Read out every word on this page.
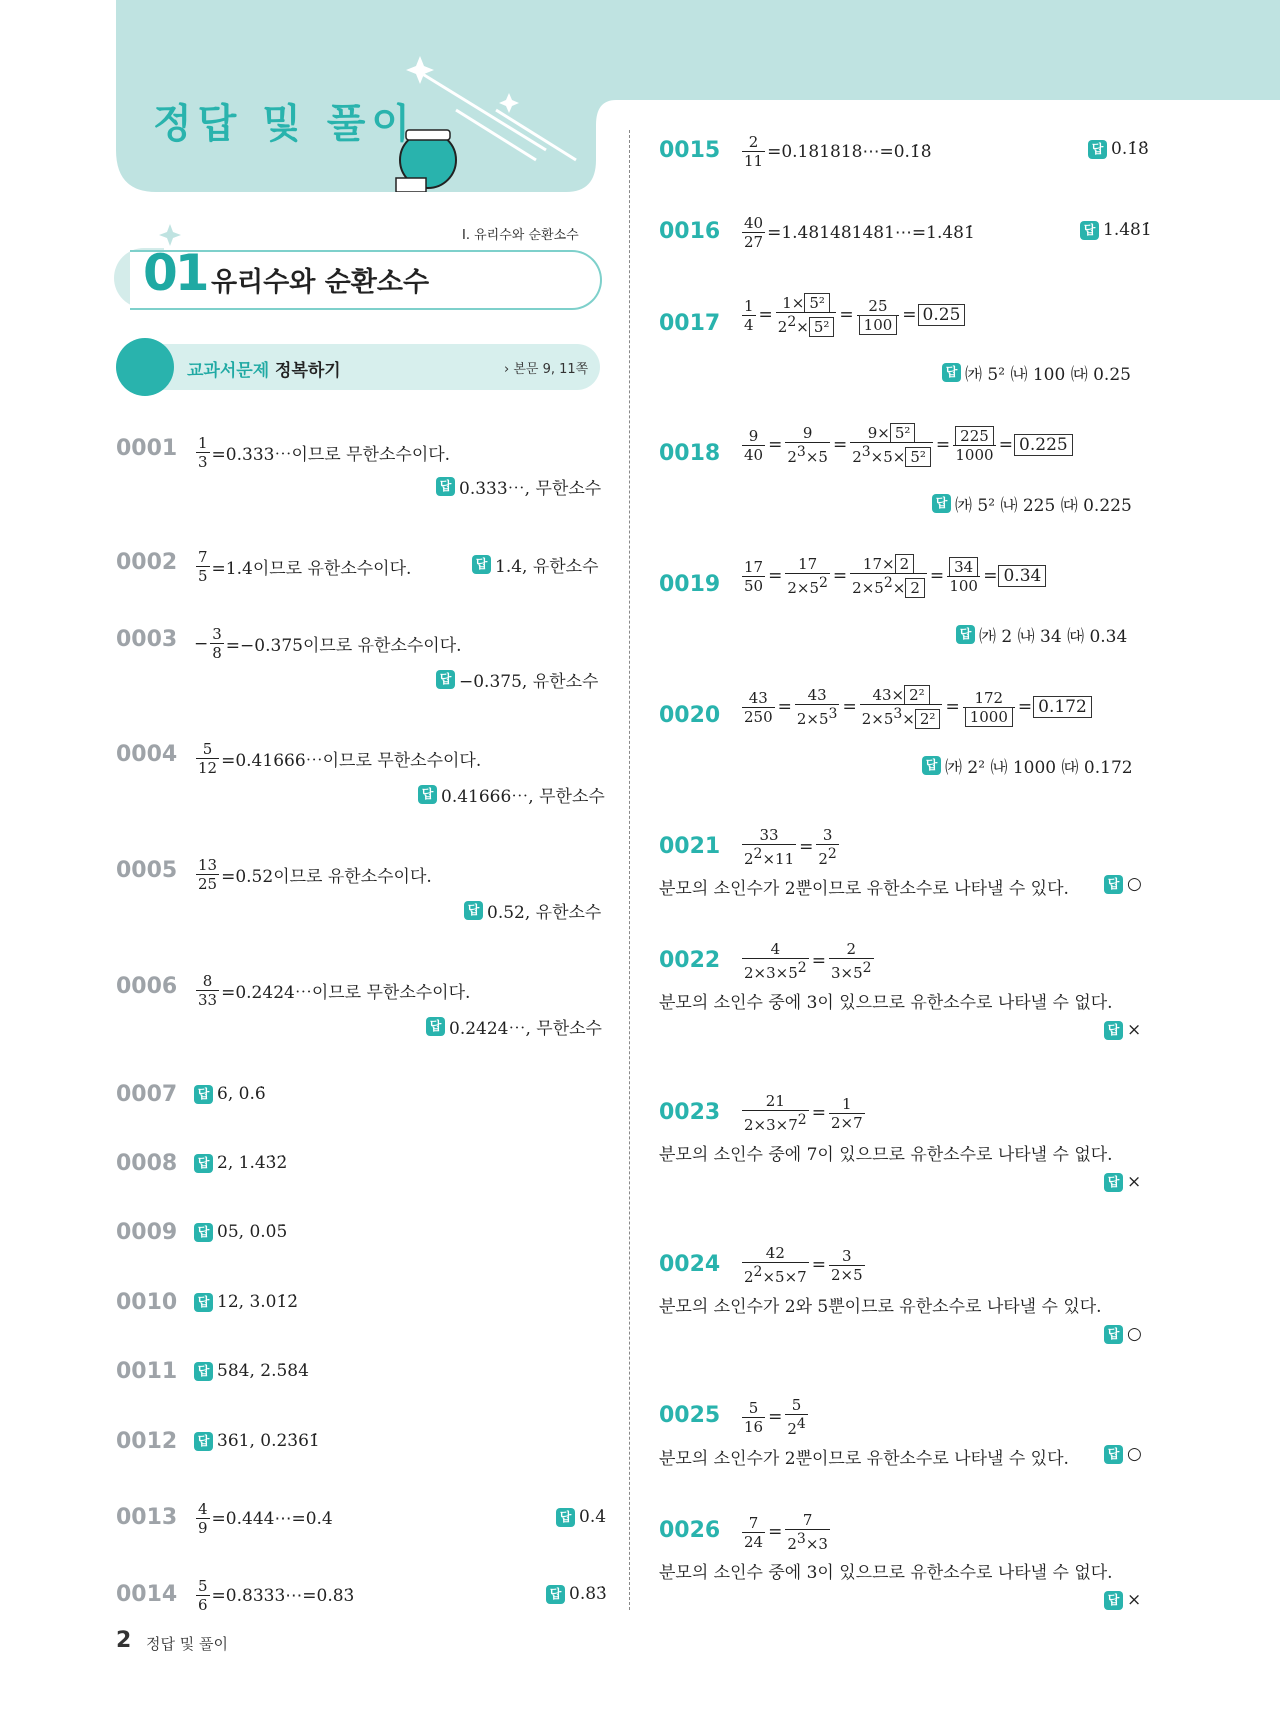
정답 및 풀이
Ⅰ. 유리수와 순환소수
01 유리수와 순환소수
교과서문제 정복하기	› 본문 9, 11쪽
$0001 \frac{1}{3}$ =0.333⋯이므로 무한소수이다.
답 0.333⋯, 무한소수
$0002 \frac{7}{5} =1.4$이므로 유한소수이다.	답 1.4, 유한소수
$0003 - \frac{3}{8} =-0.375$이므로 유한소수이다.
답 −0.375, 유한소수
$0004 \frac{5}{12}$ =0.41666⋯이므로 무한소수이다.
답 0.41666⋯, 무한소수
$0005 \frac{13}{25} =0.52$이므로 유한소수이다.
답 0.52, 유한소수
$0006 \frac{8}{33}$ =0.2424⋯이므로 무한소수이다.
답 0.2424⋯, 무한소수
0007	답 6, 0.6̇
0008	답 2, 1.43̇2̇
0009	답 05, 0.0̇5̇
0010	답 12, 3.01̇2̇
0011	답 584, 2.5̇84̇
0012	답 361, 0.23̇61̇
$0013 \frac{4}{9}$ =0.444⋯=0.4̇	답 0.4̇
$0014 \frac{5}{6}$ =0.8333⋯=0.83̇	답 0.83̇
$0015 \frac{2}{11}$ =0.181818⋯=0.1̇8̇	답 0.1̇8̇
$0016 \frac{40}{27}$ =1.481481481⋯=1.4̇81̇	답 1.4̇81̇
$0017 \frac{1}{4} = \frac{\text{1× 5²}}{2^2\times 5^2} = \frac{25}{100} = 0.25$
답 ㈎ 5² ㈏ 100 ㈐ 0.25
$0018 \frac{9}{40} = \frac{9}{2^3\times 5} = \frac{\text{9× 5²}}{2^3\times 5\times 5^2} = \frac{225}{1000} = 0.225$
답 ㈎ 5² ㈏ 225 ㈐ 0.225
$0019 \frac{17}{50} = \frac{17}{2\times 5^2} = \frac{17\times 2}{2\times 5^2\times 2} = \frac{34}{100} = 0.34$
답 ㈎ 2 ㈏ 34 ㈐ 0.34
$0020 \frac{43}{250} = \frac{43}{2\times 5^3} = \frac{\text{43× 2²}}{2\times 5^3\times 2^2} = \frac{172}{1000} = 0.172$
답 ㈎ 2² ㈏ 1000 ㈐ 0.172
$0021 \frac{33}{2^2\times 11} = \frac{3}{2^2}$
분모의 소인수가 2뿐이므로 유한소수로 나타낼 수 있다.	답 ○
$0022 \frac{4}{2\times 3\times 5^2} = \frac{2}{3\times 5^2}$
분모의 소인수 중에 3이 있으므로 유한소수로 나타낼 수 없다.
답 ×
$0023 \frac{21}{2\times 3\times 7^2} = \frac{1}{2\times 7}$
분모의 소인수 중에 7이 있으므로 유한소수로 나타낼 수 없다.
답 ×
$0024 \frac{42}{2^2\times 5\times 7} = \frac{3}{2\times 5}$
분모의 소인수가 2와 5뿐이므로 유한소수로 나타낼 수 있다.
답 ○
$0025 \frac{5}{16} = \frac{5}{2^4}$
분모의 소인수가 2뿐이므로 유한소수로 나타낼 수 있다.	답 ○
$0026 \frac{7}{24} = \frac{7}{2^3\times 3}$
분모의 소인수 중에 3이 있으므로 유한소수로 나타낼 수 없다.
답 ×
2 정답 및 풀이
